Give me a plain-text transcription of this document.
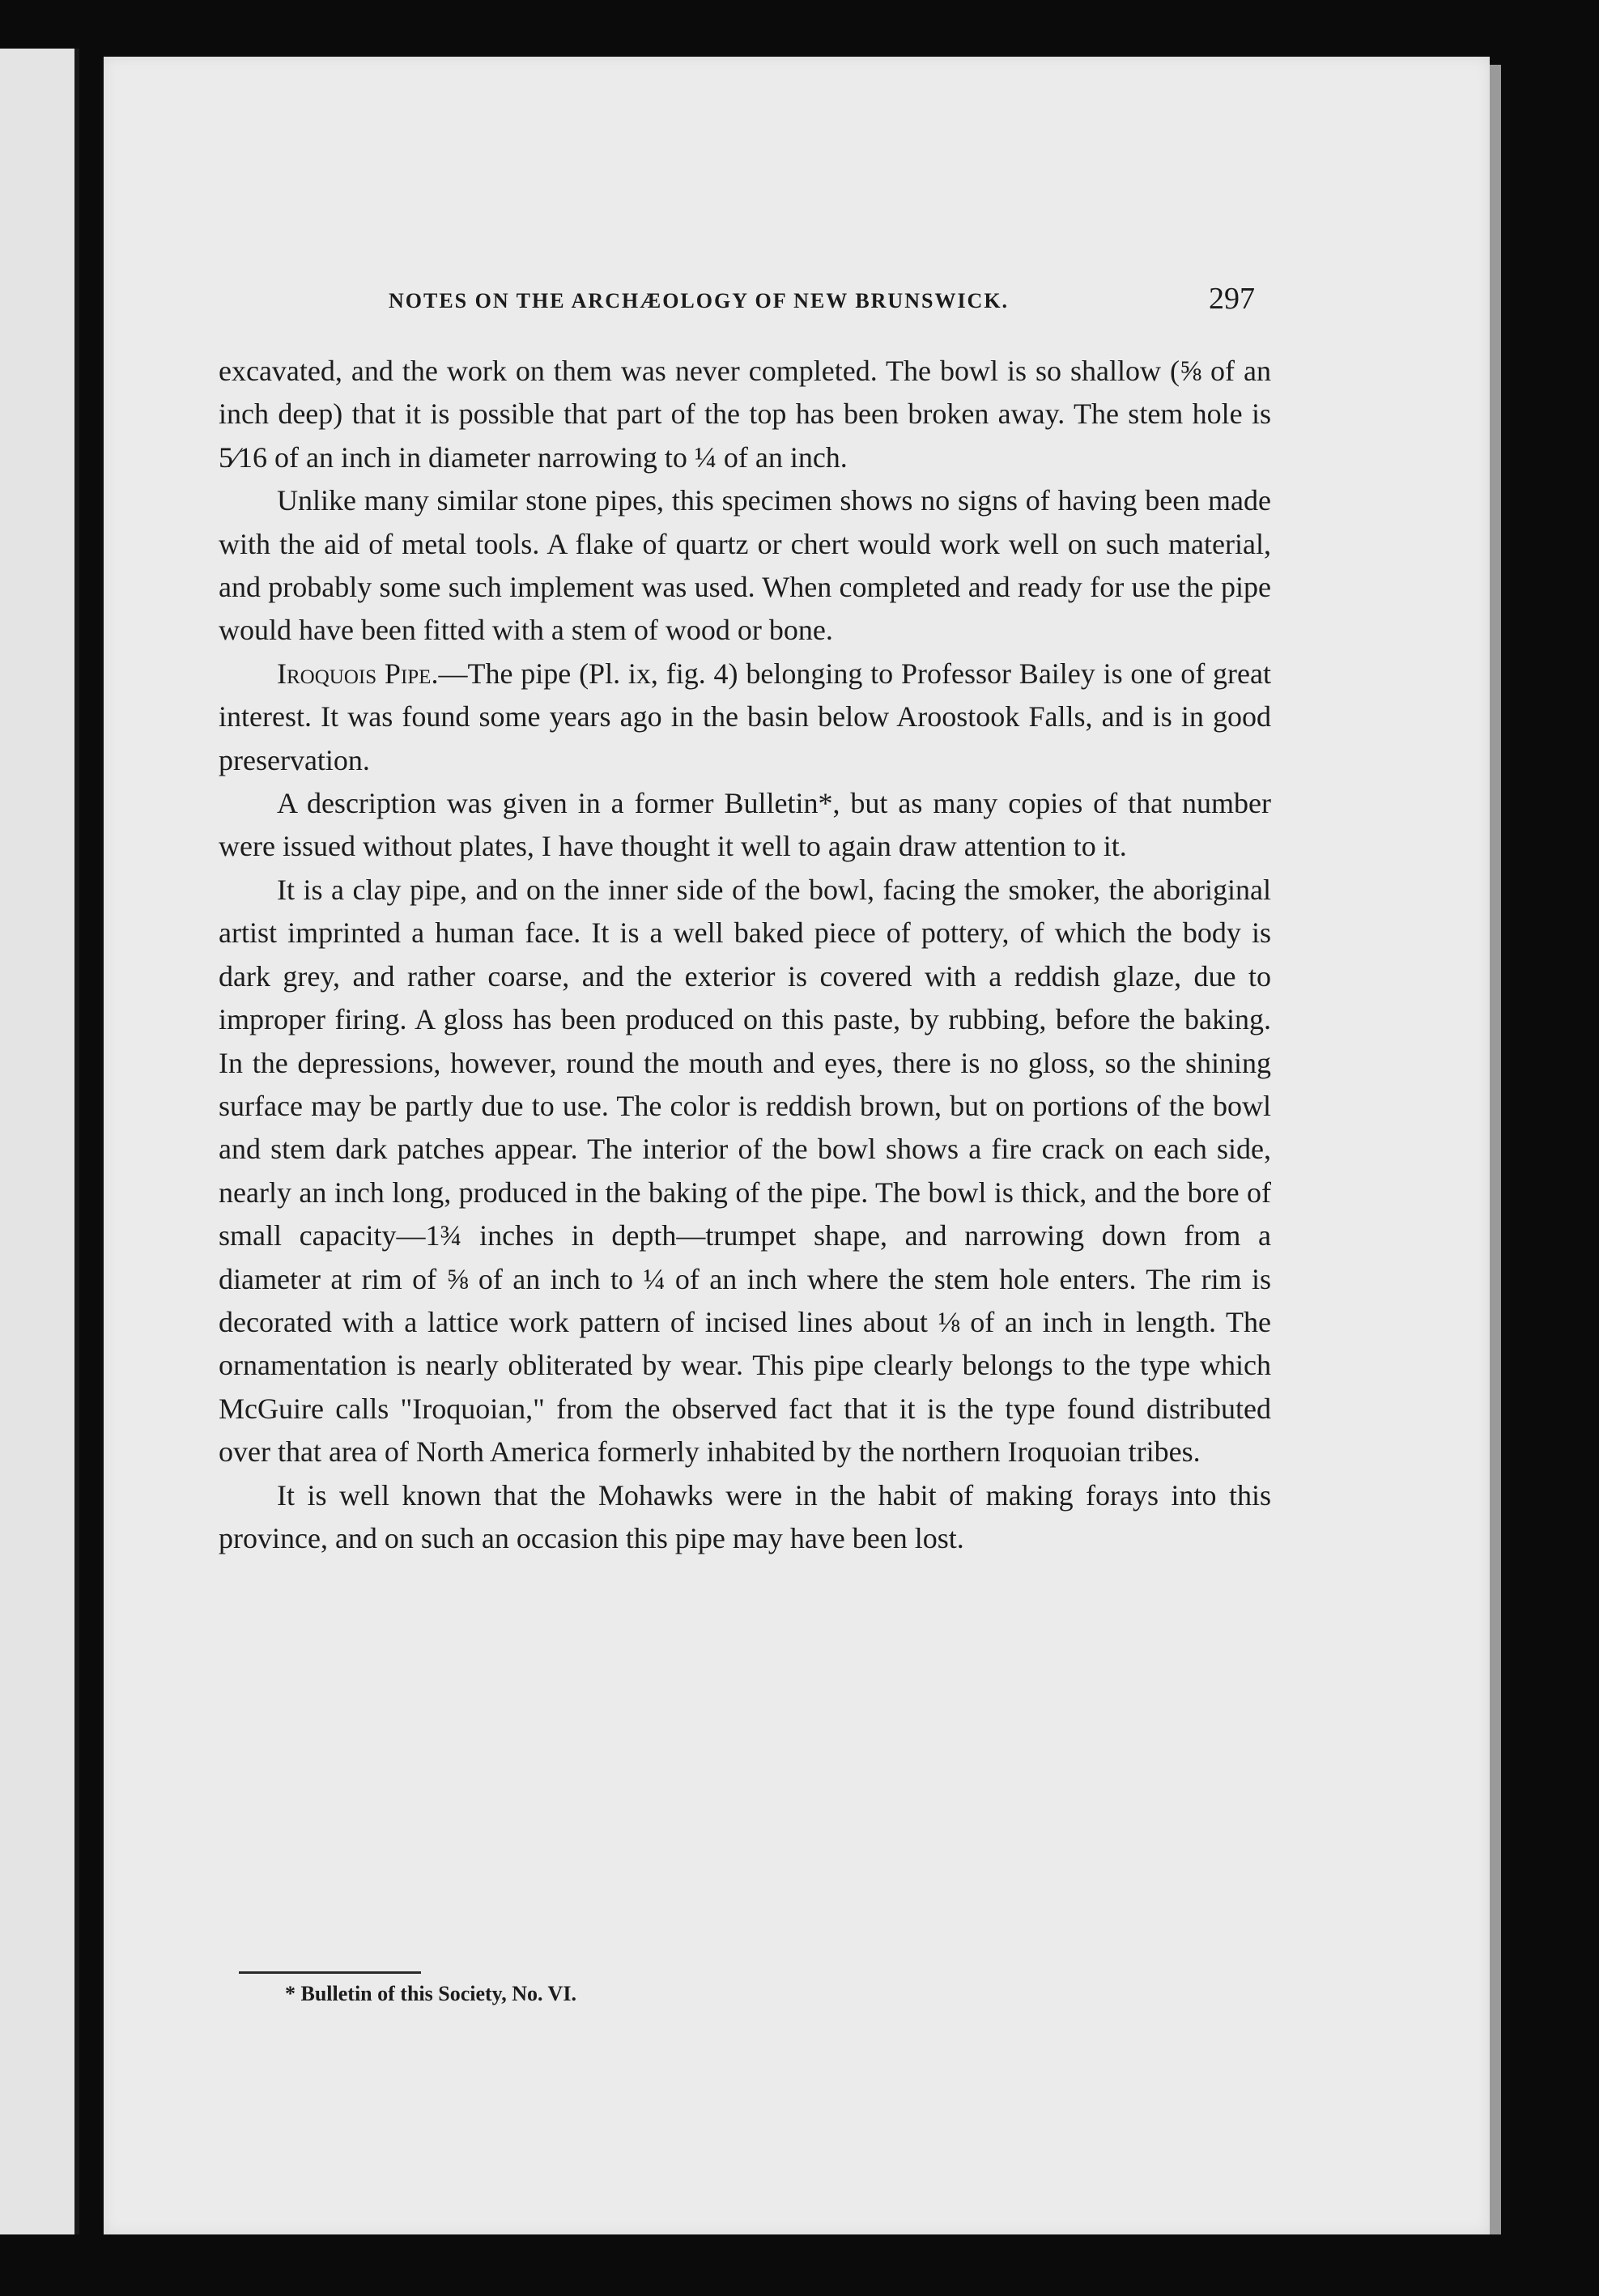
NOTES ON THE ARCHÆOLOGY OF NEW BRUNSWICK.	297

excavated, and the work on them was never completed. The bowl is so shallow (⅝ of an inch deep) that it is possible that part of the top has been broken away. The stem hole is 5⁄16 of an inch in diameter narrowing to ¼ of an inch.

Unlike many similar stone pipes, this specimen shows no signs of having been made with the aid of metal tools. A flake of quartz or chert would work well on such material, and probably some such implement was used. When completed and ready for use the pipe would have been fitted with a stem of wood or bone.

Iroquois Pipe.—The pipe (Pl. ix, fig. 4) belonging to Professor Bailey is one of great interest. It was found some years ago in the basin below Aroostook Falls, and is in good preservation.

A description was given in a former Bulletin*, but as many copies of that number were issued without plates, I have thought it well to again draw attention to it.

It is a clay pipe, and on the inner side of the bowl, facing the smoker, the aboriginal artist imprinted a human face. It is a well baked piece of pottery, of which the body is dark grey, and rather coarse, and the exterior is covered with a reddish glaze, due to improper firing. A gloss has been produced on this paste, by rubbing, before the baking. In the depressions, however, round the mouth and eyes, there is no gloss, so the shining surface may be partly due to use. The color is reddish brown, but on portions of the bowl and stem dark patches appear. The interior of the bowl shows a fire crack on each side, nearly an inch long, produced in the baking of the pipe. The bowl is thick, and the bore of small capacity—1¾ inches in depth—trumpet shape, and narrowing down from a diameter at rim of ⅝ of an inch to ¼ of an inch where the stem hole enters. The rim is decorated with a lattice work pattern of incised lines about ⅛ of an inch in length. The ornamentation is nearly obliterated by wear. This pipe clearly belongs to the type which McGuire calls "Iroquoian," from the observed fact that it is the type found distributed over that area of North America formerly inhabited by the northern Iroquoian tribes.

It is well known that the Mohawks were in the habit of making forays into this province, and on such an occasion this pipe may have been lost.

* Bulletin of this Society, No. VI.
